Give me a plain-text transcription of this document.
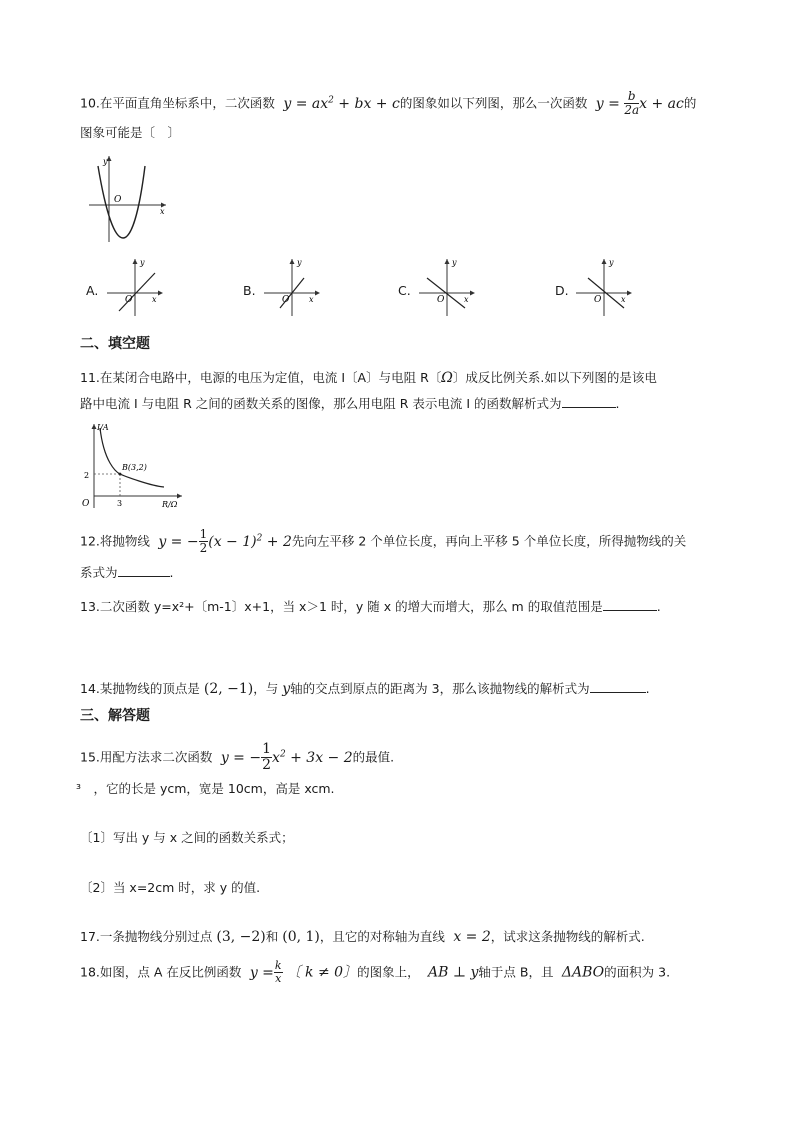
10.在平面直角坐标系中，二次函数  $y = ax^2$ + bx + c的图象如以下列图，那么一次函数  $y = \frac{b}{2a}$ x + ac的
图象可能是〔　〕
y
x
O
A.
y
x
O
B.
y
x
O
C.
y
x
O
D.
y
x
O
二、填空题
11.在某闭合电路中，电源的电压为定值，电流 I〔A〕与电阻 R〔Ω〕成反比例关系.如以下列图的是该电
路中电流 I 与电阻 R 之间的函数关系的图像，那么用电阻 R 表示电流 I 的函数解析式为	.
I/A
R/Ω
O
2
3
B(3,2)
12.将抛物线  y = − $\frac{1}{2} (x - 1)^2 + 2$先向左平移 2 个单位长度，再向上平移 5 个单位长度，所得抛物线的关
系式为	.
13.二次函数 y=x²+〔m-1〕x+1，当 x＞1 时，y 随 x 的增大而增大，那么 m 的取值范围是	.
14.某抛物线的顶点是 (2, −1)，与 y轴的交点到原点的距离为 3，那么该抛物线的解析式为	.
三、解答题
15.用配方法求二次函数  y = − $\frac{1}{2} x^2 + 3x - 2$的最值.
³　，它的长是 ycm，宽是 10cm，高是 xcm.
〔1〕写出 y 与 x 之间的函数关系式；
〔2〕当 x=2cm 时，求 y 的值.
17.一条抛物线分别过点 (3, −2)和 (0, 1)，且它的对称轴为直线  x = 2，试求这条抛物线的解析式.
18.如图，点 A 在反比例函数  $y = \frac{k}{x}$ 〔 k ≠ 0〕的图象上，  AB ⊥ y轴于点 B，且  ΔABO的面积为 3.
